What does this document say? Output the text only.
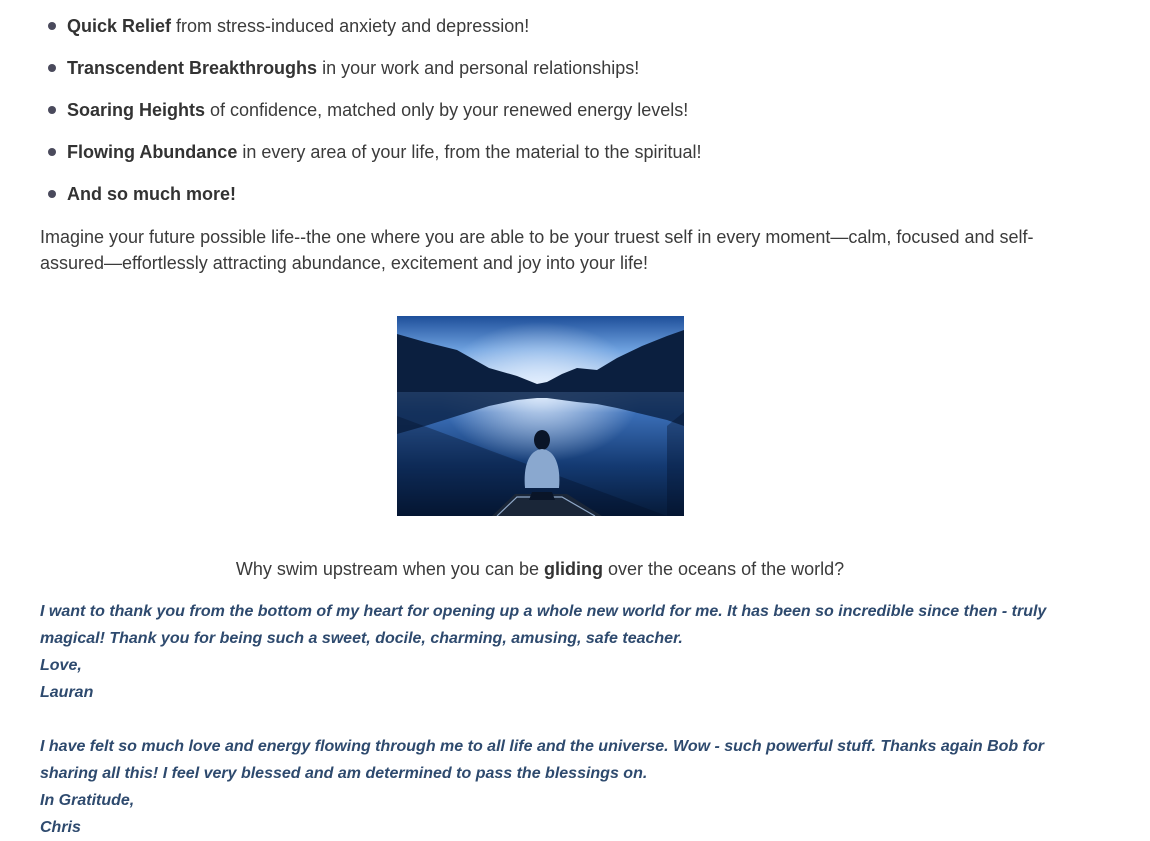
Quick Relief from stress-induced anxiety and depression!
Transcendent Breakthroughs in your work and personal relationships!
Soaring Heights of confidence, matched only by your renewed energy levels!
Flowing Abundance in every area of your life, from the material to the spiritual!
And so much more!

Imagine your future possible life--the one where you are able to be your truest self in every moment—calm, focused and self-assured—effortlessly attracting abundance, excitement and joy into your life!

Why swim upstream when you can be gliding over the oceans of the world?

I want to thank you from the bottom of my heart for opening up a whole new world for me. It has been so incredible since then - truly magical! Thank you for being such a sweet, docile, charming, amusing, safe teacher.
Love,
Lauran
I have felt so much love and energy flowing through me to all life and the universe. Wow - such powerful stuff. Thanks again Bob for sharing all this! I feel very blessed and am determined to pass the blessings on.
In Gratitude,
Chris
